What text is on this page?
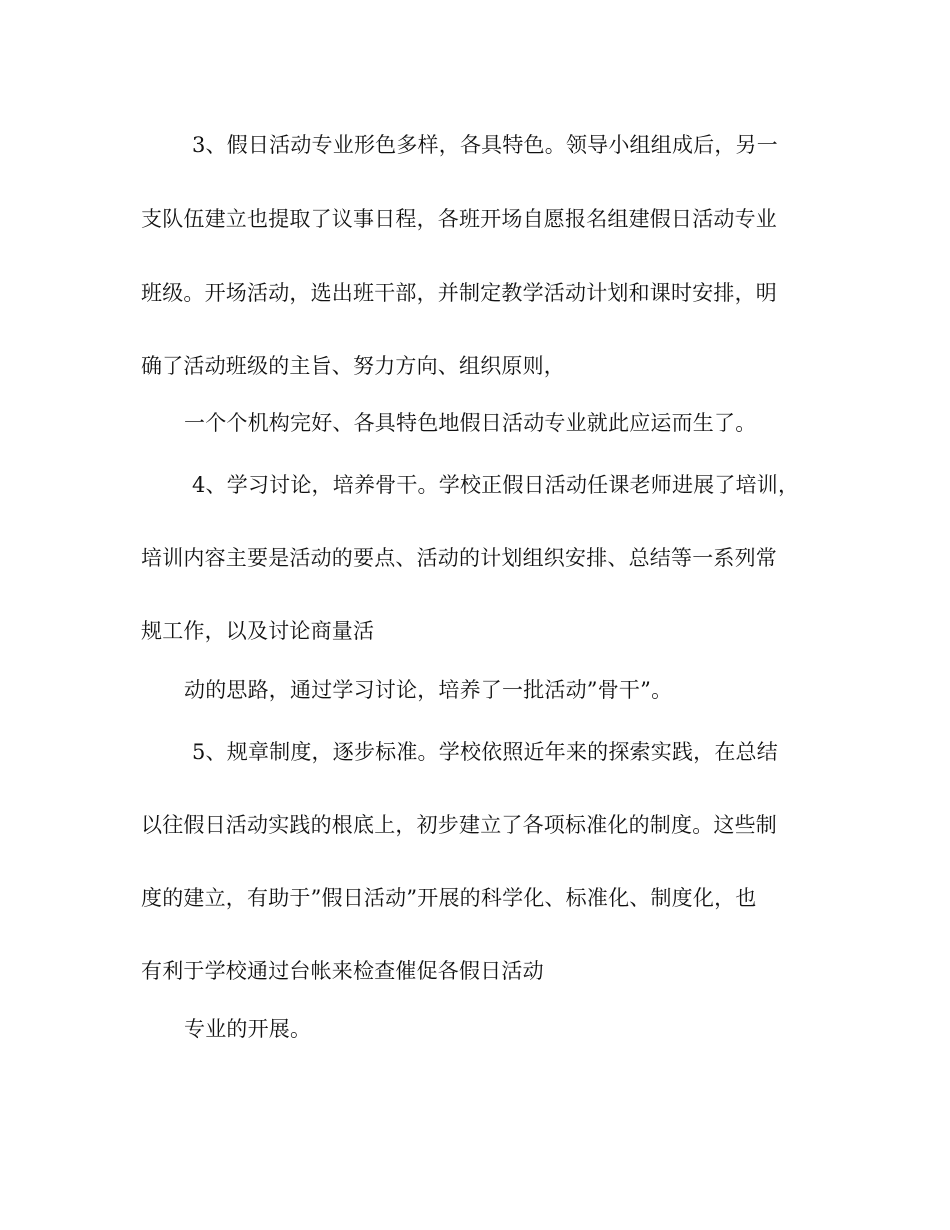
3、假日活动专业形色多样，各具特色。领导小组组成后，另一
支队伍建立也提取了议事日程，各班开场自愿报名组建假日活动专业
班级。开场活动，选出班干部，并制定教学活动计划和课时安排，明
确了活动班级的主旨、努力方向、组织原则，
一个个机构完好、各具特色地假日活动专业就此应运而生了。
4、学习讨论，培养骨干。学校正假日活动任课老师进展了培训，
培训内容主要是活动的要点、活动的计划组织安排、总结等一系列常
规工作，以及讨论商量活
动的思路，通过学习讨论，培养了一批活动”骨干”。
5、规章制度，逐步标准。学校依照近年来的探索实践，在总结
以往假日活动实践的根底上，初步建立了各项标准化的制度。这些制
度的建立，有助于”假日活动”开展的科学化、标准化、制度化，也
有利于学校通过台帐来检查催促各假日活动
专业的开展。
